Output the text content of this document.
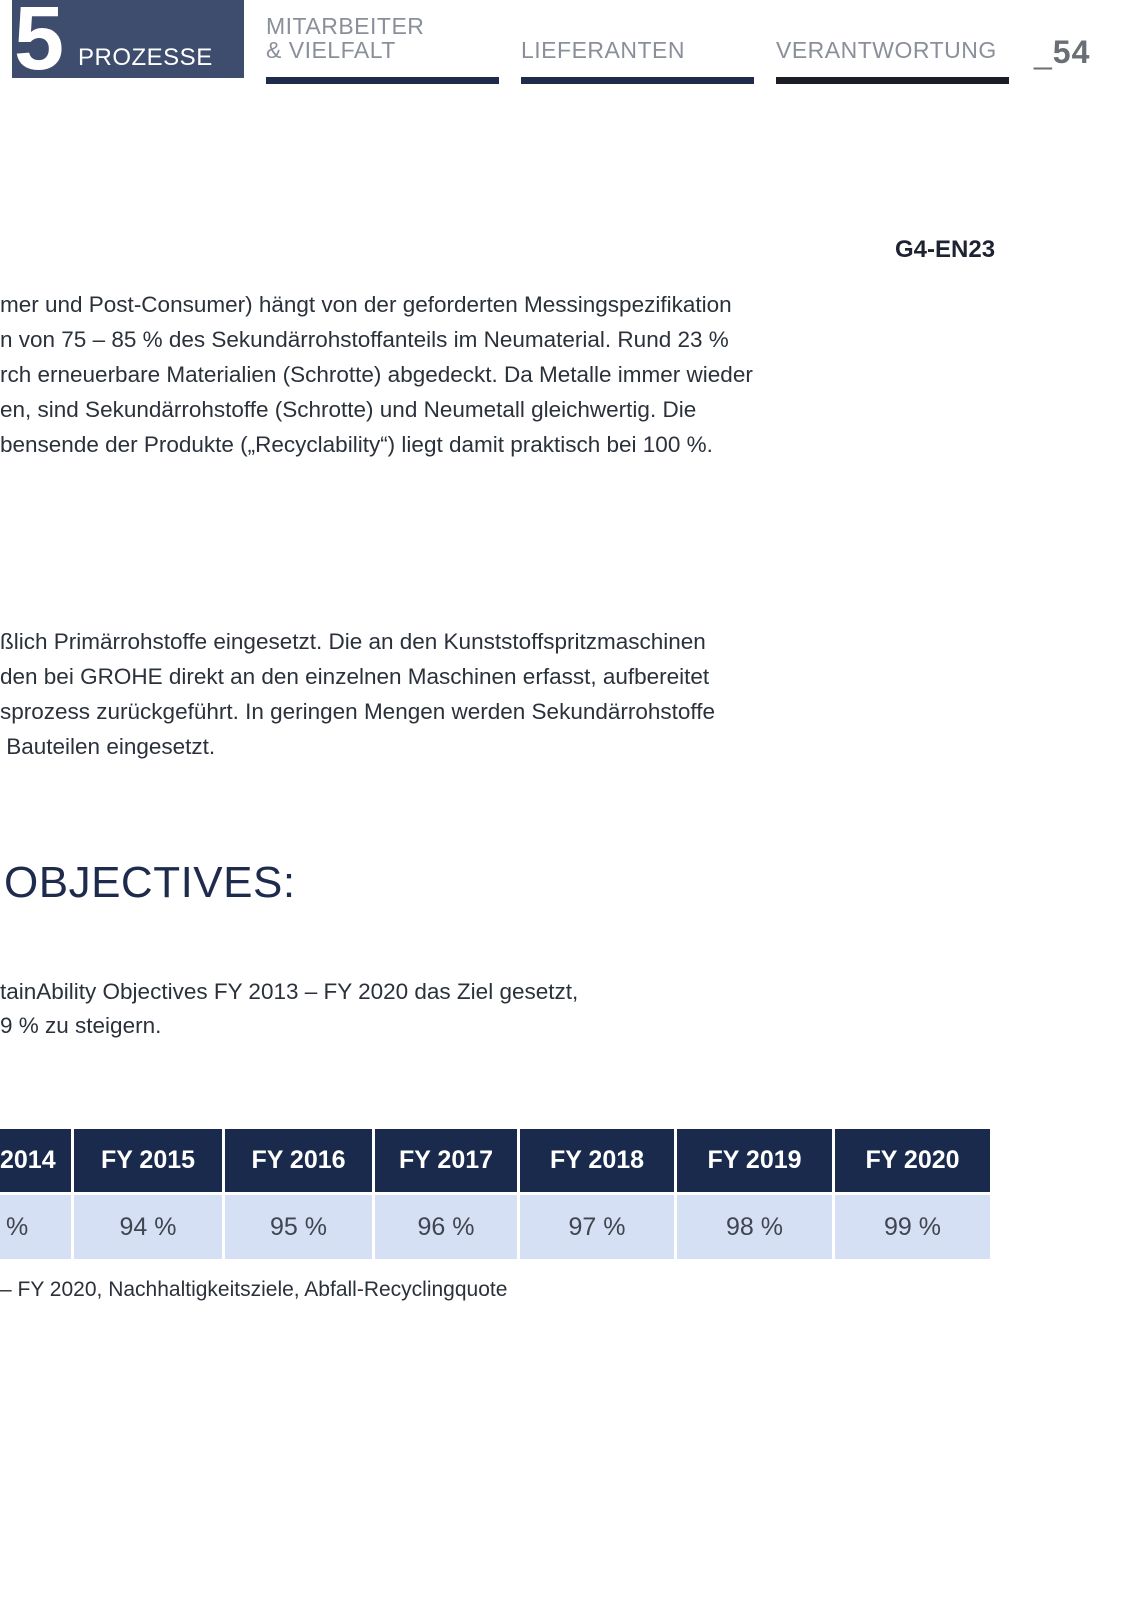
5 PROZESSE
MITARBEITER
& VIELFALT	LIEFERANTEN	VERANTWORTUNG	_54
G4-EN23

mer und Post-Consumer) hängt von der geforderten Messingspezifikation

n von 75 – 85 % des Sekundärrohstoffanteils im Neumaterial. Rund 23 %

rch erneuerbare Materialien (Schrotte) abgedeckt. Da Metalle immer wieder

en, sind Sekundärrohstoffe (Schrotte) und Neumetall gleichwertig. Die

bensende der Produkte („Recyclability“) liegt damit praktisch bei 100 %.

ßlich Primärrohstoffe eingesetzt. Die an den Kunststoffspritzmaschinen

den bei GROHE direkt an den einzelnen Maschinen erfasst, aufbereitet

sprozess zurückgeführt. In geringen Mengen werden Sekundärrohstoffe

Bauteilen eingesetzt.

OBJECTIVES:

tainAbility Objectives FY 2013 – FY 2020 das Ziel gesetzt,

9 % zu steigern.

2014	FY 2015	FY 2016	FY 2017	FY 2018	FY 2019	FY 2020
%	94 %	95 %	96 %	97 %	98 %	99 %
– FY 2020, Nachhaltigkeitsziele, Abfall-Recyclingquote
